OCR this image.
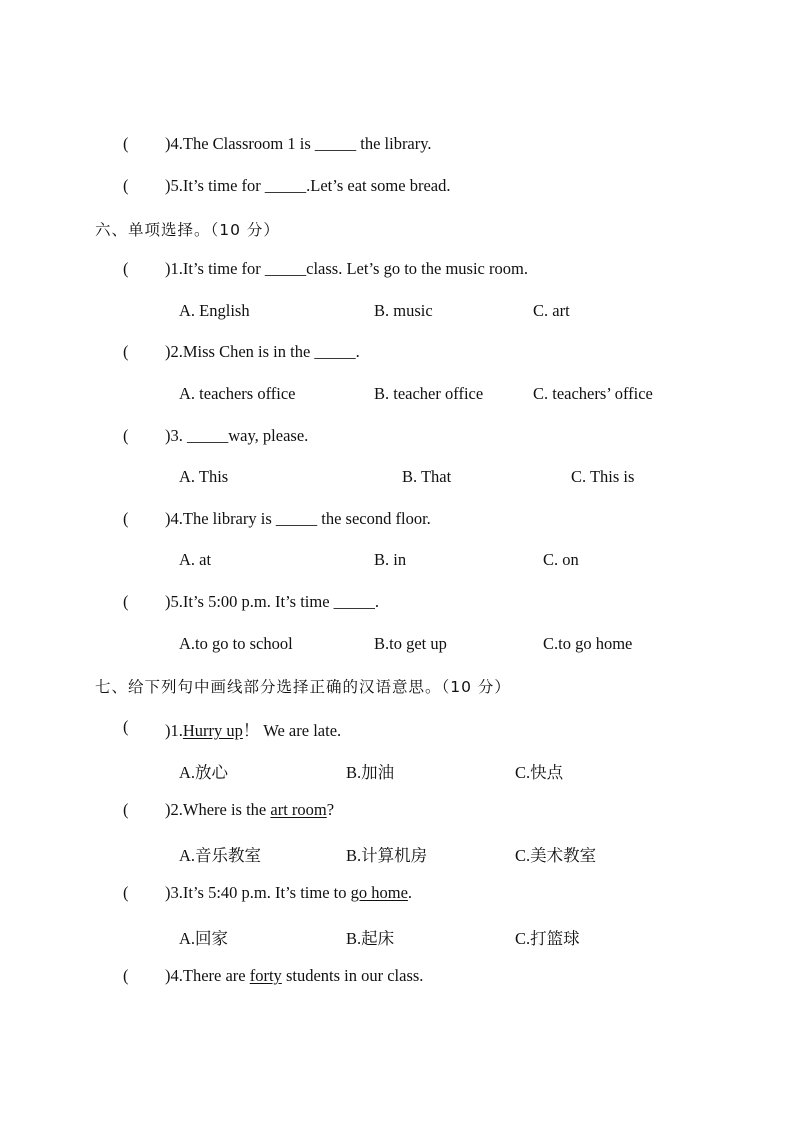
( )4.The Classroom 1 is _____ the library.
( )5.It’s time for _____.Let’s eat some bread.
六、单项选择。（10 分）
( )1.It’s time for _____class. Let’s go to the music room.
A. English	B. music	C. art
( )2.Miss Chen is in the _____.
A. teachers office	B. teacher office	C. teachers’ office
( )3. _____way, please.
A. This	B. That	C. This is
( )4.The library is _____ the second floor.
A. at	B. in	C. on
( )5.It’s 5:00 p.m. It’s time _____.
A.to go to school	B.to get up	C.to go home
七、给下列句中画线部分选择正确的汉语意思。（10 分）
( )1.Hurry up！ We are late.
A.放心	B.加油	C.快点
( )2.Where is the art room?
A.音乐教室	B.计算机房	C.美术教室
( )3.It’s 5:40 p.m. It’s time to go home.
A.回家	B.起床	C.打篮球
( )4.There are forty students in our class.
